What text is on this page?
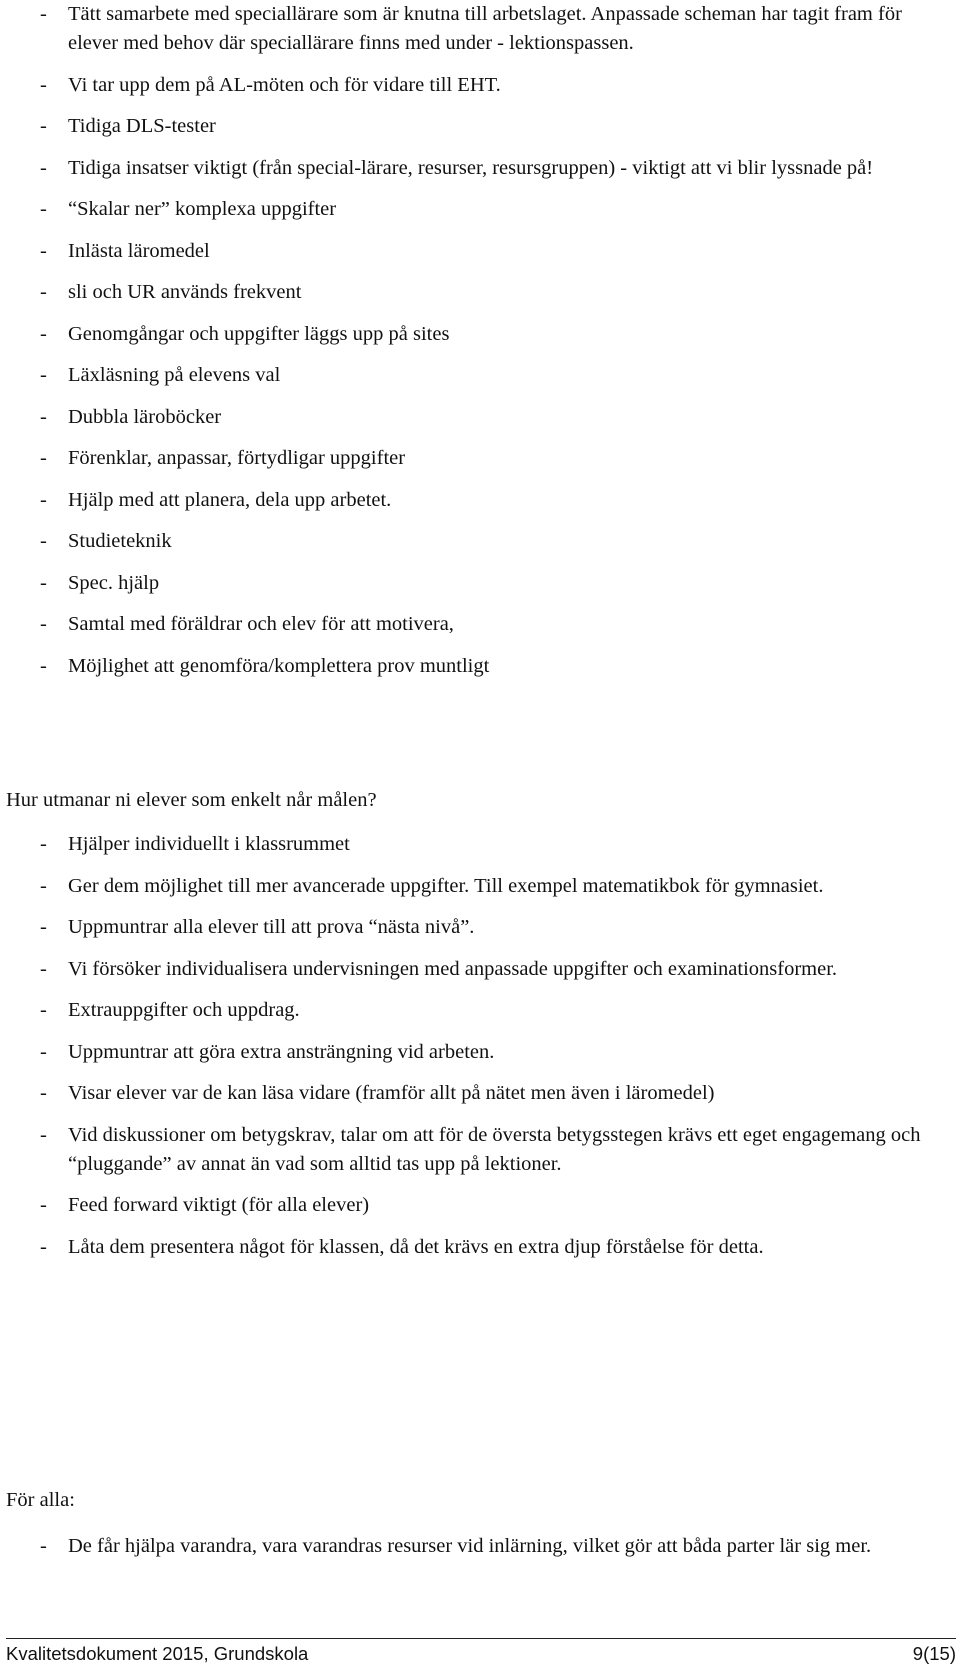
- Tätt samarbete med speciallärare som är knutna till arbetslaget. Anpassade scheman har tagit fram för elever med behov där speciallärare finns med under - lektionspassen.
- Vi tar upp dem på AL-möten och för vidare till EHT.
- Tidiga DLS-tester
- Tidiga insatser viktigt (från special-lärare, resurser, resursgruppen) - viktigt att vi blir lyssnade på!
- “Skalar ner” komplexa uppgifter
- Inlästa läromedel
- sli och UR används frekvent
- Genomgångar och uppgifter läggs upp på sites
- Läxläsning på elevens val
- Dubbla läroböcker
- Förenklar, anpassar, förtydligar uppgifter
- Hjälp med att planera, dela upp arbetet.
- Studieteknik
- Spec. hjälp
- Samtal med föräldrar och elev för att motivera,
- Möjlighet att genomföra/komplettera prov muntligt

Hur utmanar ni elever som enkelt når målen?

- Hjälper individuellt i klassrummet
- Ger dem möjlighet till mer avancerade uppgifter. Till exempel matematikbok för gymnasiet.
- Uppmuntrar alla elever till att prova “nästa nivå”.
- Vi försöker individualisera undervisningen med anpassade uppgifter och examinationsformer.
- Extrauppgifter och uppdrag.
- Uppmuntrar att göra extra ansträngning vid arbeten.
- Visar elever var de kan läsa vidare (framför allt på nätet men även i läromedel)
- Vid diskussioner om betygskrav, talar om att för de översta betygsstegen krävs ett eget engagemang och “pluggande” av annat än vad som alltid tas upp på lektioner.
- Feed forward viktigt (för alla elever)
- Låta dem presentera något för klassen, då det krävs en extra djup förståelse för detta.

För alla:

- De får hjälpa varandra, vara varandras resurser vid inlärning, vilket gör att båda parter lär sig mer.
Kvalitetsdokument 2015, Grundskola	9(15)
